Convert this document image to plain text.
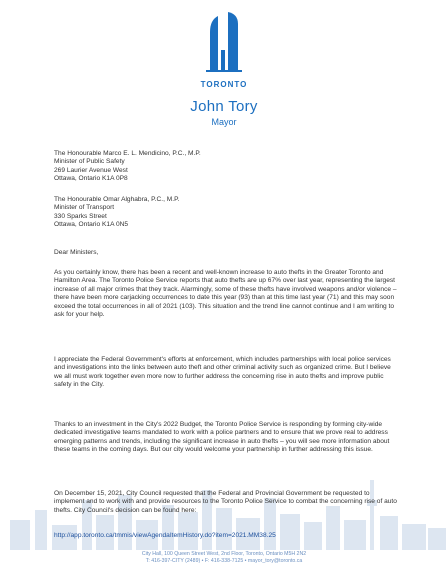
TORONTO
John Tory
Mayor
The Honourable Marco E. L. Mendicino, P.C., M.P.
Minister of Public Safety
269 Laurier Avenue West
Ottawa, Ontario K1A 0P8
The Honourable Omar Alghabra, P.C., M.P.
Minister of Transport
330 Sparks Street
Ottawa, Ontario K1A 0N5
Dear Ministers,
As you certainly know, there has been a recent and well-known increase to auto thefts in the Greater Toronto and Hamilton Area. The Toronto Police Service reports that auto thefts are up 67% over last year, representing the largest increase of all major crimes that they track. Alarmingly, some of these thefts have involved weapons and/or violence – there have been more carjacking occurrences to date this year (93) than at this time last year (71) and this may soon exceed the total occurrences in all of 2021 (103). This situation and the trend line cannot continue and I am writing to ask for your help.
I appreciate the Federal Government's efforts at enforcement, which includes partnerships with local police services and investigations into the links between auto theft and other criminal activity such as organized crime. But I believe we all must work together even more now to further address the concerning rise in auto thefts and improve public safety in the City.
Thanks to an investment in the City's 2022 Budget, the Toronto Police Service is responding by forming city-wide dedicated investigative teams mandated to work with a police partners and to ensure that we prove real to address emerging patterns and trends, including the significant increase in auto thefts – you will see more information about these teams in the coming days. But our city would welcome your partnership in further addressing this issue.
On December 15, 2021, City Council requested that the Federal and Provincial Government be requested to implement and to work with and provide resources to the Toronto Police Service to combat the concerning rise of auto thefts. City Council's decision can be found here:
http://app.toronto.ca/tmmis/viewAgendaItemHistory.do?item=2021.MM38.25
City Hall, 100 Queen Street West, 2nd Floor, Toronto, Ontario M5H 2N2
T: 416-397-CITY (2489) • F: 416-338-7125 • mayor_tory@toronto.ca
